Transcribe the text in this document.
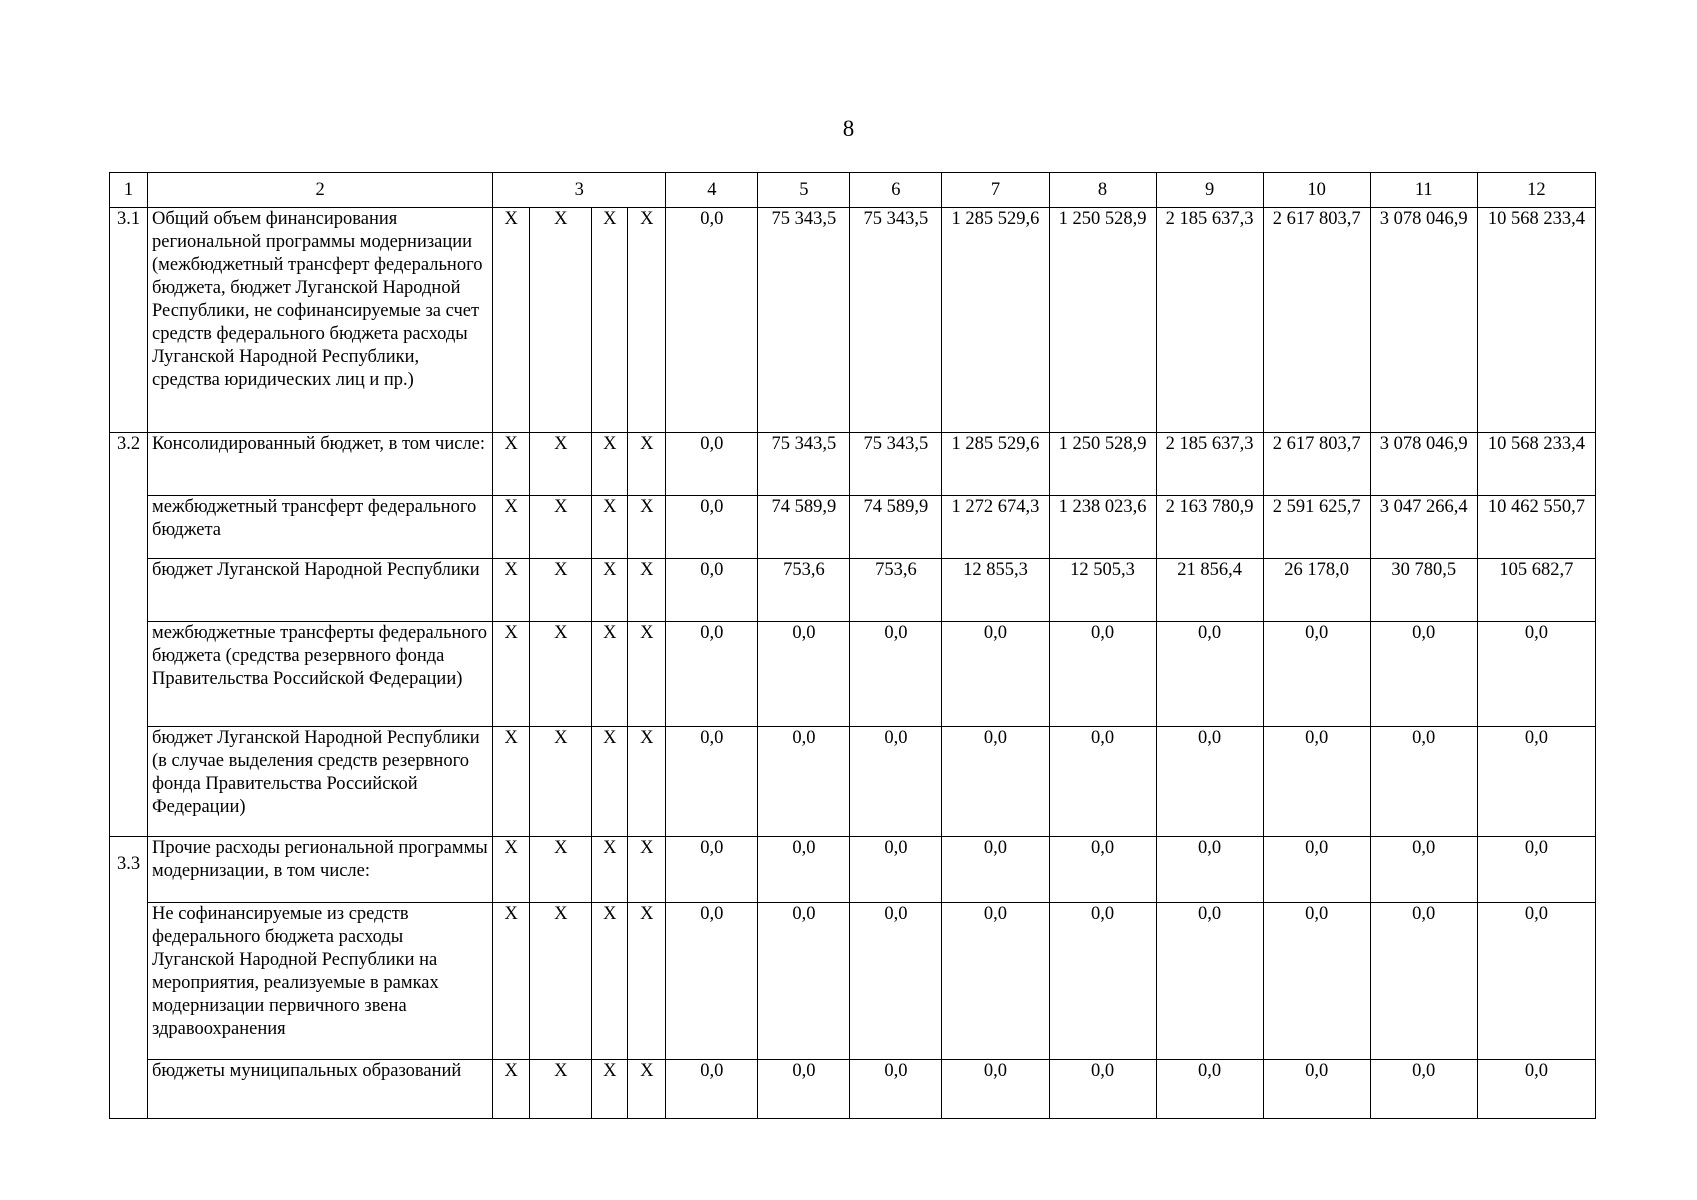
8
1	2	3				4	5	6	7	8	9	10	11	12
3.1	Общий объем финансирования региональной программы модернизации (межбюджетный трансферт федерального бюджета, бюджет Луганской Народной Республики, не софинансируемые за счет средств федерального бюджета расходы Луганской Народной Республики, средства юридических лиц и пр.)	X	X	X	X	0,0	75 343,5	75 343,5	1 285 529,6	1 250 528,9	2 185 637,3	2 617 803,7	3 078 046,9	10 568 233,4
3.2	Консолидированный бюджет, в том числе:	X	X	X	X	0,0	75 343,5	75 343,5	1 285 529,6	1 250 528,9	2 185 637,3	2 617 803,7	3 078 046,9	10 568 233,4
	межбюджетный трансферт федерального бюджета	X	X	X	X	0,0	74 589,9	74 589,9	1 272 674,3	1 238 023,6	2 163 780,9	2 591 625,7	3 047 266,4	10 462 550,7
	бюджет Луганской Народной Республики	X	X	X	X	0,0	753,6	753,6	12 855,3	12 505,3	21 856,4	26 178,0	30 780,5	105 682,7
	межбюджетные трансферты федерального бюджета (средства резервного фонда Правительства Российской Федерации)	X	X	X	X	0,0	0,0	0,0	0,0	0,0	0,0	0,0	0,0	0,0
	бюджет Луганской Народной Республики (в случае выделения средств резервного фонда Правительства Российской Федерации)	X	X	X	X	0,0	0,0	0,0	0,0	0,0	0,0	0,0	0,0	0,0
3.3	Прочие расходы региональной программы модернизации, в том числе:	X	X	X	X	0,0	0,0	0,0	0,0	0,0	0,0	0,0	0,0	0,0
	Не софинансируемые из средств федерального бюджета расходы Луганской Народной Республики на мероприятия, реализуемые в рамках модернизации первичного звена здравоохранения	X	X	X	X	0,0	0,0	0,0	0,0	0,0	0,0	0,0	0,0	0,0
	бюджеты муниципальных образований	X	X	X	X	0,0	0,0	0,0	0,0	0,0	0,0	0,0	0,0	0,0
